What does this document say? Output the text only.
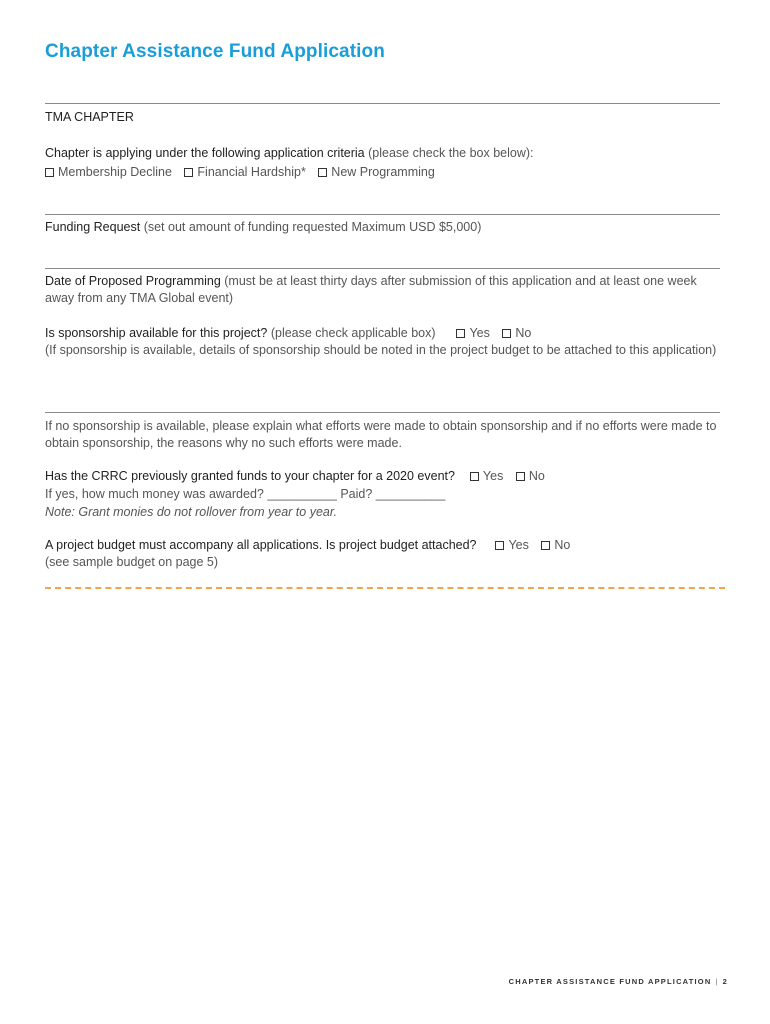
Chapter Assistance Fund Application
TMA CHAPTER
Chapter is applying under the following application criteria (please check the box below):
Membership Decline Financial Hardship* New Programming
Funding Request (set out amount of funding requested Maximum USD $5,000)
Date of Proposed Programming (must be at least thirty days after submission of this application and at least one week away from any TMA Global event)
Is sponsorship available for this project? (please check applicable box)	Yes No
(If sponsorship is available, details of sponsorship should be noted in the project budget to be attached to this application)
If no sponsorship is available, please explain what efforts were made to obtain sponsorship and if no efforts were made to obtain sponsorship, the reasons why no such efforts were made.
Has the CRRC previously granted funds to your chapter for a 2020 event? Yes No
If yes, how much money was awarded? __________ Paid? __________
Note: Grant monies do not rollover from year to year.
A project budget must accompany all applications. Is project budget attached?	Yes No
(see sample budget on page 5)
CHAPTER ASSISTANCE FUND APPLICATION | 2
